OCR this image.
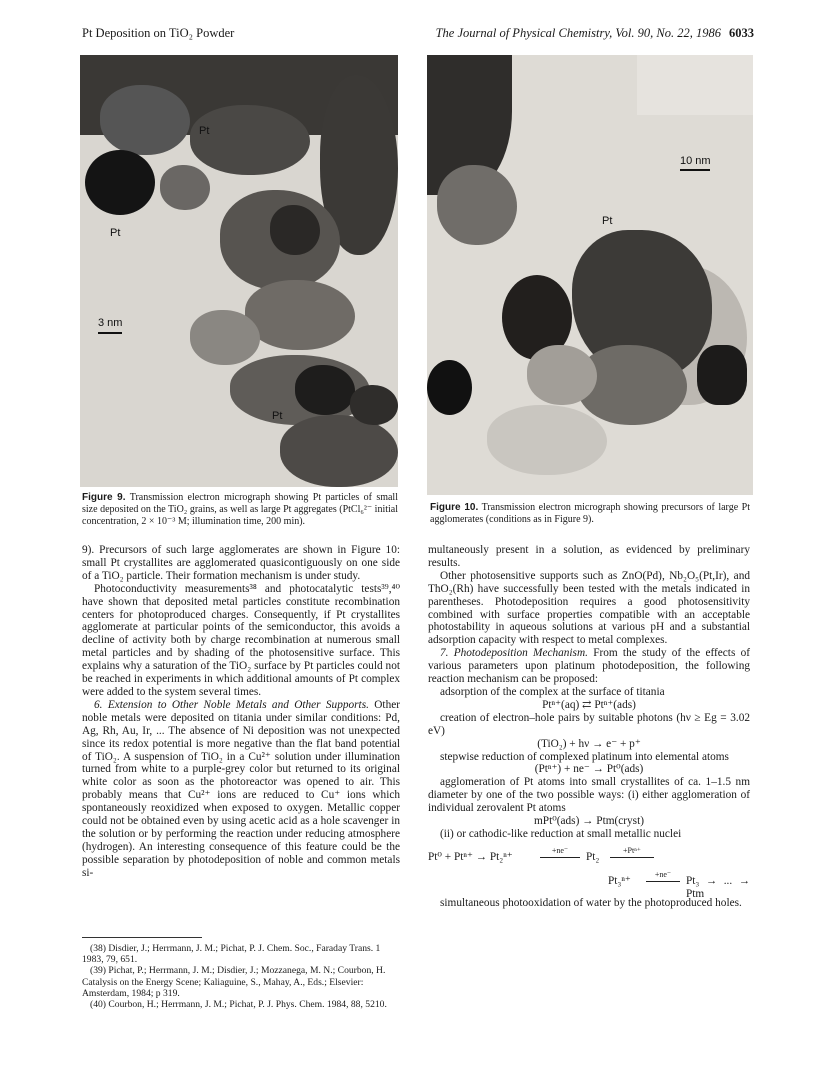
Pt Deposition on TiO₂ Powder	The Journal of Physical Chemistry, Vol. 90, No. 22, 1986 6033
Pt
Pt
3 nm
Pt
Figure 9. Transmission electron micrograph showing Pt particles of small size deposited on the TiO₂ grains, as well as large Pt aggregates (PtCl₆²⁻ initial concentration, 2 × 10⁻³ M; illumination time, 200 min).
10 nm
Pt
Figure 10. Transmission electron micrograph showing precursors of large Pt agglomerates (conditions as in Figure 9).

9). Precursors of such large agglomerates are shown in Figure 10: small Pt crystallites are agglomerated quasicontiguously on one side of a TiO₂ particle. Their formation mechanism is under study.

Photoconductivity measurements³⁸ and photocatalytic tests³⁹,⁴⁰ have shown that deposited metal particles constitute recombination centers for photoproduced charges. Consequently, if Pt crystallites agglomerate at particular points of the semiconductor, this avoids a decline of activity both by charge recombination at numerous small metal particles and by shading of the photosensitive surface. This explains why a saturation of the TiO₂ surface by Pt particles could not be reached in experiments in which additional amounts of Pt complex were added to the system several times.

6. Extension to Other Noble Metals and Other Supports. Other noble metals were deposited on titania under similar conditions: Pd, Ag, Rh, Au, Ir, ... The absence of Ni deposition was not unexpected since its redox potential is more negative than the flat band potential of TiO₂. A suspension of TiO₂ in a Cu²⁺ solution under illumination turned from white to a purple-grey color but returned to its original white color as soon as the photoreactor was opened to air. This probably means that Cu²⁺ ions are reduced to Cu⁺ ions which spontaneously reoxidized when exposed to oxygen. Metallic copper could not be obtained even by using acetic acid as a hole scavenger in the solution or by performing the reaction under reducing atmosphere (hydrogen). An interesting consequence of this feature could be the possible separation by photodeposition of noble and common metals si-

(38) Disdier, J.; Herrmann, J. M.; Pichat, P. J. Chem. Soc., Faraday Trans. 1 1983, 79, 651.

(39) Pichat, P.; Herrmann, J. M.; Disdier, J.; Mozzanega, M. N.; Courbon, H. Catalysis on the Energy Scene; Kaliaguine, S., Mahay, A., Eds.; Elsevier: Amsterdam, 1984; p 319.

(40) Courbon, H.; Herrmann, J. M.; Pichat, P. J. Phys. Chem. 1984, 88, 5210.

multaneously present in a solution, as evidenced by preliminary results.

Other photosensitive supports such as ZnO(Pd), Nb₂O₅(Pt,Ir), and ThO₂(Rh) have successfully been tested with the metals indicated in parentheses. Photodeposition requires a good photosensitivity combined with surface properties compatible with an acceptable photostability in aqueous solutions at various pH and a substantial adsorption capacity with respect to metal complexes.

7. Photodeposition Mechanism. From the study of the effects of various parameters upon platinum photodeposition, the following reaction mechanism can be proposed:

adsorption of the complex at the surface of titania

Ptⁿ⁺(aq) ⇄ Ptⁿ⁺(ads)

creation of electron–hole pairs by suitable photons (hν ≥ Eg = 3.02 eV)

(TiO₂) + hν → e⁻ + p⁺

stepwise reduction of complexed platinum into elemental atoms

(Ptⁿ⁺) + ne⁻ → Pt⁰(ads)

agglomeration of Pt atoms into small crystallites of ca. 1–1.5 nm diameter by one of the two possible ways: (i) either agglomeration of individual zerovalent Pt atoms

mPt⁰(ads) → Ptm(cryst)

(ii) or cathodic-like reduction at small metallic nuclei

Pt⁰ + Ptⁿ⁺ → Pt₂ⁿ⁺
+ne⁻
Pt₂
+Ptⁿ⁺
Pt₃ⁿ⁺
+ne⁻
Pt₃ → ... → Ptm

simultaneous photooxidation of water by the photoproduced holes.
